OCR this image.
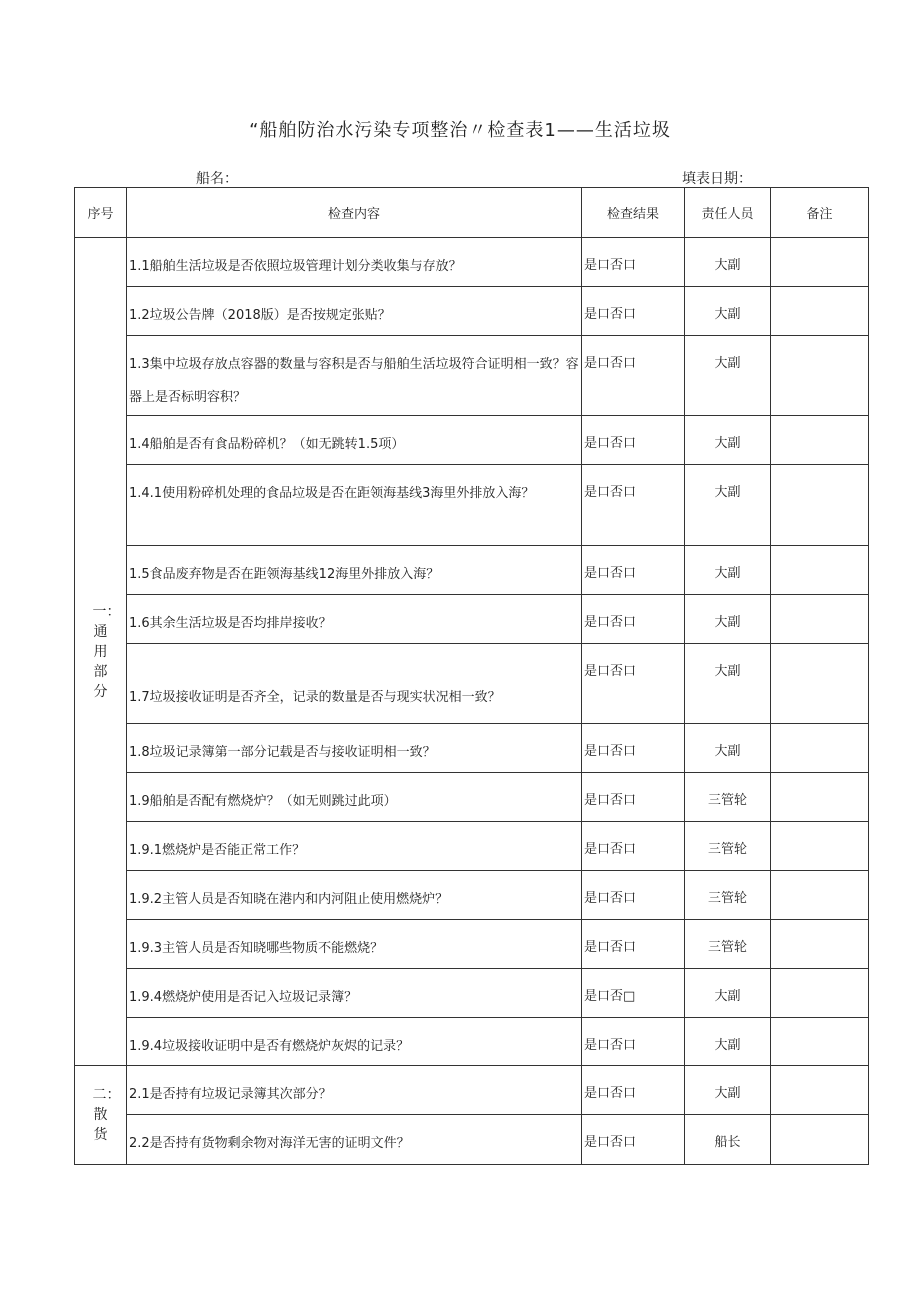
“船舶防治水污染专项整治〃检查表1——生活垃圾
船名：	填表日期：
序号	检查内容	检查结果	责任人员	备注
一：通用部分	1.1船舶生活垃圾是否依照垃圾管理计划分类收集与存放？	是口否口	大副	
	1.2垃圾公告牌（2018版）是否按规定张贴？	是口否口	大副	
	1.3集中垃圾存放点容器的数量与容积是否与船舶生活垃圾符合证明相一致？容器上是否标明容积？	是口否口	大副	
	1.4船舶是否有食品粉碎机？（如无跳转1.5项）	是口否口	大副	
	1.4.1使用粉碎机处理的食品垃圾是否在距领海基线3海里外排放入海？	是口否口	大副	
	1.5食品废弃物是否在距领海基线12海里外排放入海？	是口否口	大副	
	1.6其余生活垃圾是否均排岸接收？	是口否口	大副	
	1.7垃圾接收证明是否齐全，记录的数量是否与现实状况相一致？	是口否口	大副	
	1.8垃圾记录簿第一部分记载是否与接收证明相一致？	是口否口	大副	
	1.9船舶是否配有燃烧炉？（如无则跳过此项）	是口否口	三管轮	
	1.9.1燃烧炉是否能正常工作？	是口否口	三管轮	
	1.9.2主管人员是否知晓在港内和内河阻止使用燃烧炉？	是口否口	三管轮	
	1.9.3主管人员是否知晓哪些物质不能燃烧？	是口否口	三管轮	
	1.9.4燃烧炉使用是否记入垃圾记录簿？	是口否□	大副	
	1.9.4垃圾接收证明中是否有燃烧炉灰烬的记录？	是口否口	大副	
二：散货	2.1是否持有垃圾记录簿其次部分？	是口否口	大副	
	2.2是否持有货物剩余物对海洋无害的证明文件？	是口否口	船长	
